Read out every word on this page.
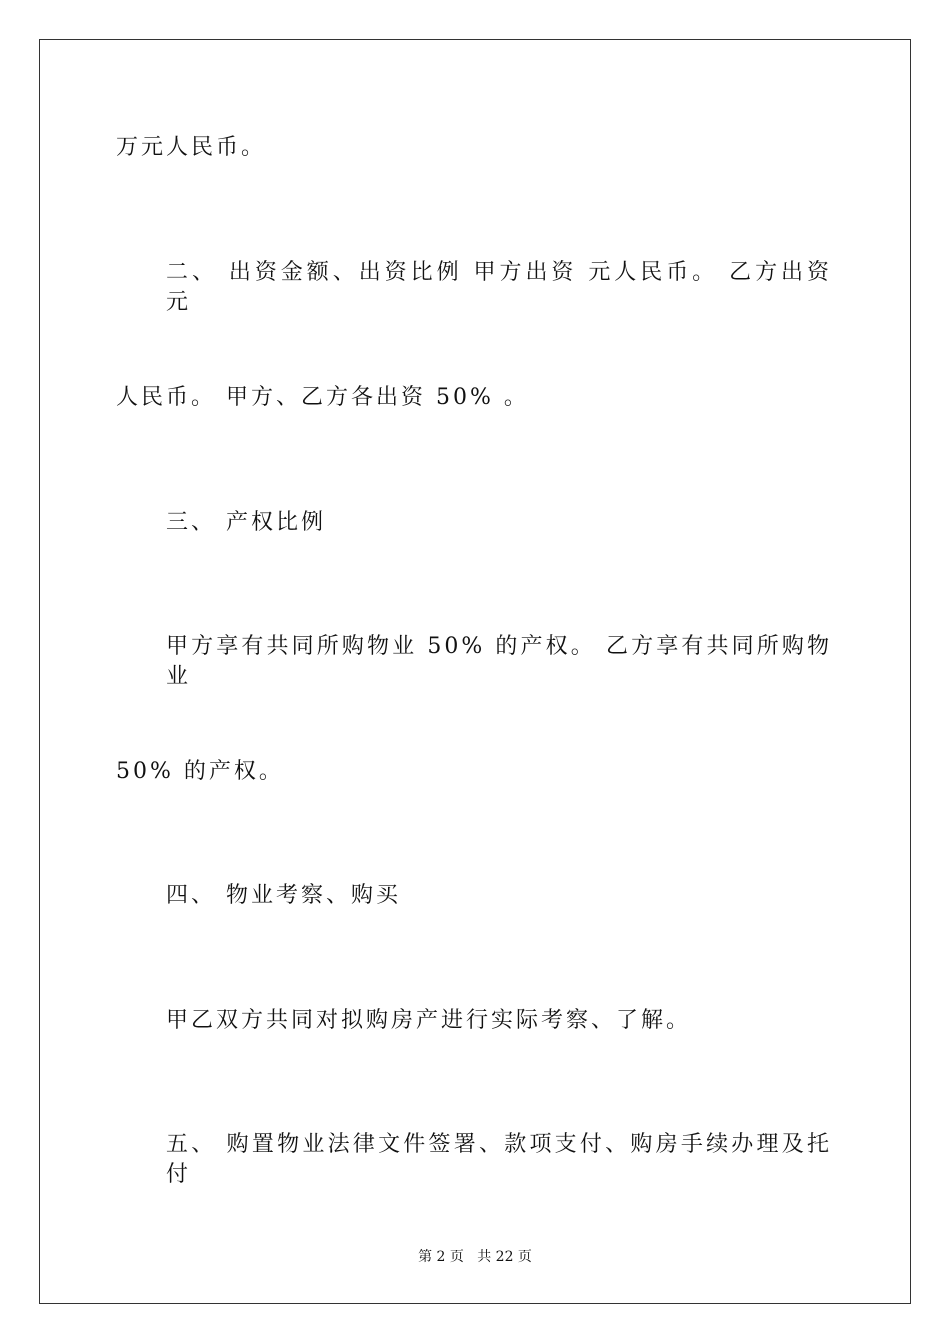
万元人民币。

二、 出资金额、出资比例 甲方出资 元人民币。 乙方出资 元

人民币。 甲方、乙方各出资 50% 。

三、 产权比例

甲方享有共同所购物业 50% 的产权。 乙方享有共同所购物业

50% 的产权。

四、 物业考察、购买

甲乙双方共同对拟购房产进行实际考察、了解。

五、 购置物业法律文件签署、款项支付、购房手续办理及托付

第 2 页   共 22 页
